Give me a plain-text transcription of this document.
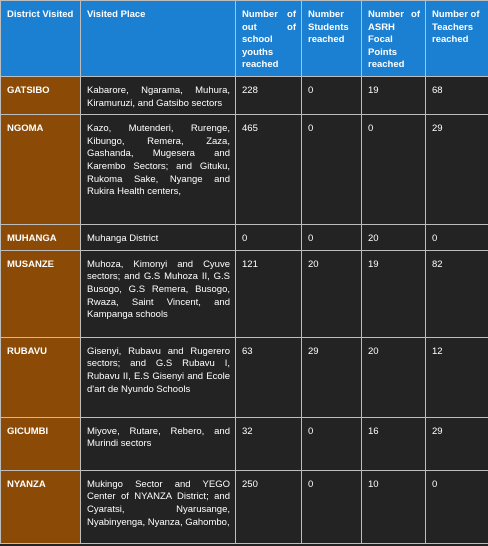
District Visited	Visited Place	Number of out of school youths reached	Number Students reached	Number of ASRH Focal Points reached	Number of Teachers reached
GATSIBO	Kabarore, Ngarama, Muhura, Kiramuruzi, and Gatsibo sectors	228	0	19	68
NGOMA	Kazo, Mutenderi, Rurenge, Kibungo, Remera, Zaza, Gashanda, Mugesera and Karembo Sectors; and Gituku, Rukoma Sake, Nyange and Rukira Health centers,	465	0	0	29
MUHANGA	Muhanga District	0	0	20	0
MUSANZE	Muhoza, Kimonyi and Cyuve sectors; and G.S Muhoza II, G.S Busogo, G.S Remera, Busogo, Rwaza, Saint Vincent, and Kampanga schools	121	20	19	82
RUBAVU	Gisenyi, Rubavu and Rugerero sectors; and G.S Rubavu I, Rubavu II, E.S Gisenyi and Ecole d'art de Nyundo Schools	63	29	20	12
GICUMBI	Miyove, Rutare, Rebero, and Murindi sectors	32	0	16	29
NYANZA	Mukingo Sector and YEGO Center of NYANZA District; and Cyaratsi, Nyarusange, Nyabinyenga, Nyanza, Gahombo,	250	0	10	0
